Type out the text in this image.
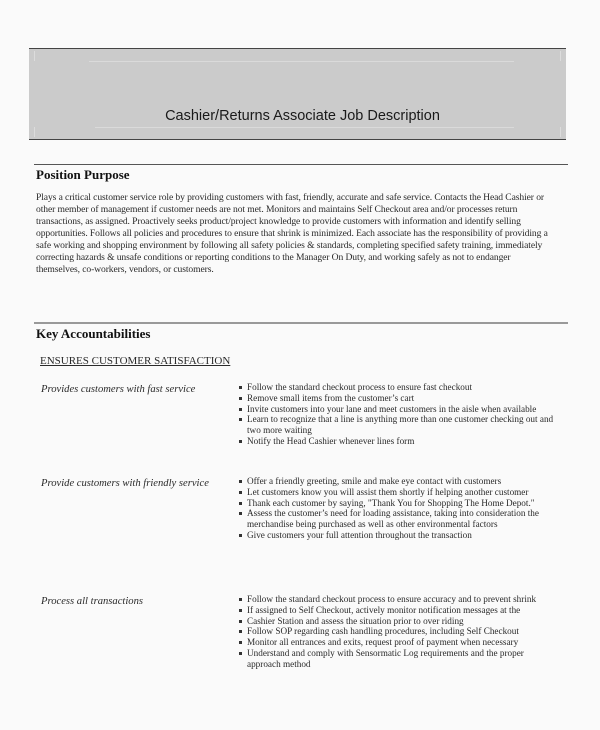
Cashier/Returns Associate Job Description
Position Purpose
Plays a critical customer service role by providing customers with fast, friendly, accurate and safe service. Contacts the Head Cashier or other member of management if customer needs are not met. Monitors and maintains Self Checkout area and/or processes return transactions, as assigned. Proactively seeks product/project knowledge to provide customers with information and identify selling opportunities. Follows all policies and procedures to ensure that shrink is minimized. Each associate has the responsibility of providing a safe working and shopping environment by following all safety policies & standards, completing specified safety training, immediately correcting hazards & unsafe conditions or reporting conditions to the Manager On Duty, and working safely as not to endanger themselves, co-workers, vendors, or customers.
Key Accountabilities
ENSURES CUSTOMER SATISFACTION
Provides customers with fast service	Follow the standard checkout process to ensure fast checkout
Remove small items from the customer’s cart
Invite customers into your lane and meet customers in the aisle when available
Learn to recognize that a line is anything more than one customer checking out and two more waiting
Notify the Head Cashier whenever lines form
Provide customers with friendly service	Offer a friendly greeting, smile and make eye contact with customers
Let customers know you will assist them shortly if helping another customer
Thank each customer by saying, "Thank You for Shopping The Home Depot."
Assess the customer’s need for loading assistance, taking into consideration the merchandise being purchased as well as other environmental factors
Give customers your full attention throughout the transaction
Process all transactions	Follow the standard checkout process to ensure accuracy and to prevent shrink
If assigned to Self Checkout, actively monitor notification messages at the
Cashier Station and assess the situation prior to over riding
Follow SOP regarding cash handling procedures, including Self Checkout
Monitor all entrances and exits, request proof of payment when necessary
Understand and comply with Sensormatic Log requirements and the proper approach method
